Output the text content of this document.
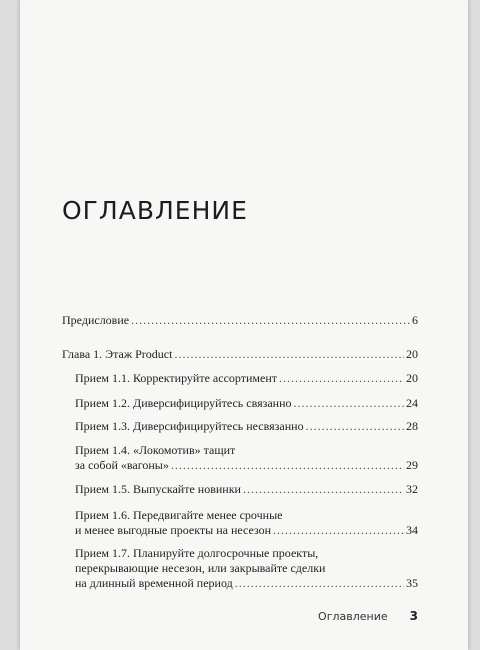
ОГЛАВЛЕНИЕ
Предисловие . . .	6
Глава 1. Этаж Product . . .	20
Прием 1.1. Корректируйте ассортимент . . .	20
Прием 1.2. Диверсифицируйтесь связанно . . .	24
Прием 1.3. Диверсифицируйтесь несвязанно . . .	28
Прием 1.4. «Локомотив» тащит
за собой «вагоны» . . .	29
Прием 1.5. Выпускайте новинки . . .	32
Прием 1.6. Передвигайте менее срочные
и менее выгодные проекты на несезон . . .	34
Прием 1.7. Планируйте долгосрочные проекты,
перекрывающие несезон, или закрывайте сделки
на длинный временной период . . .	35
Оглавление 3
